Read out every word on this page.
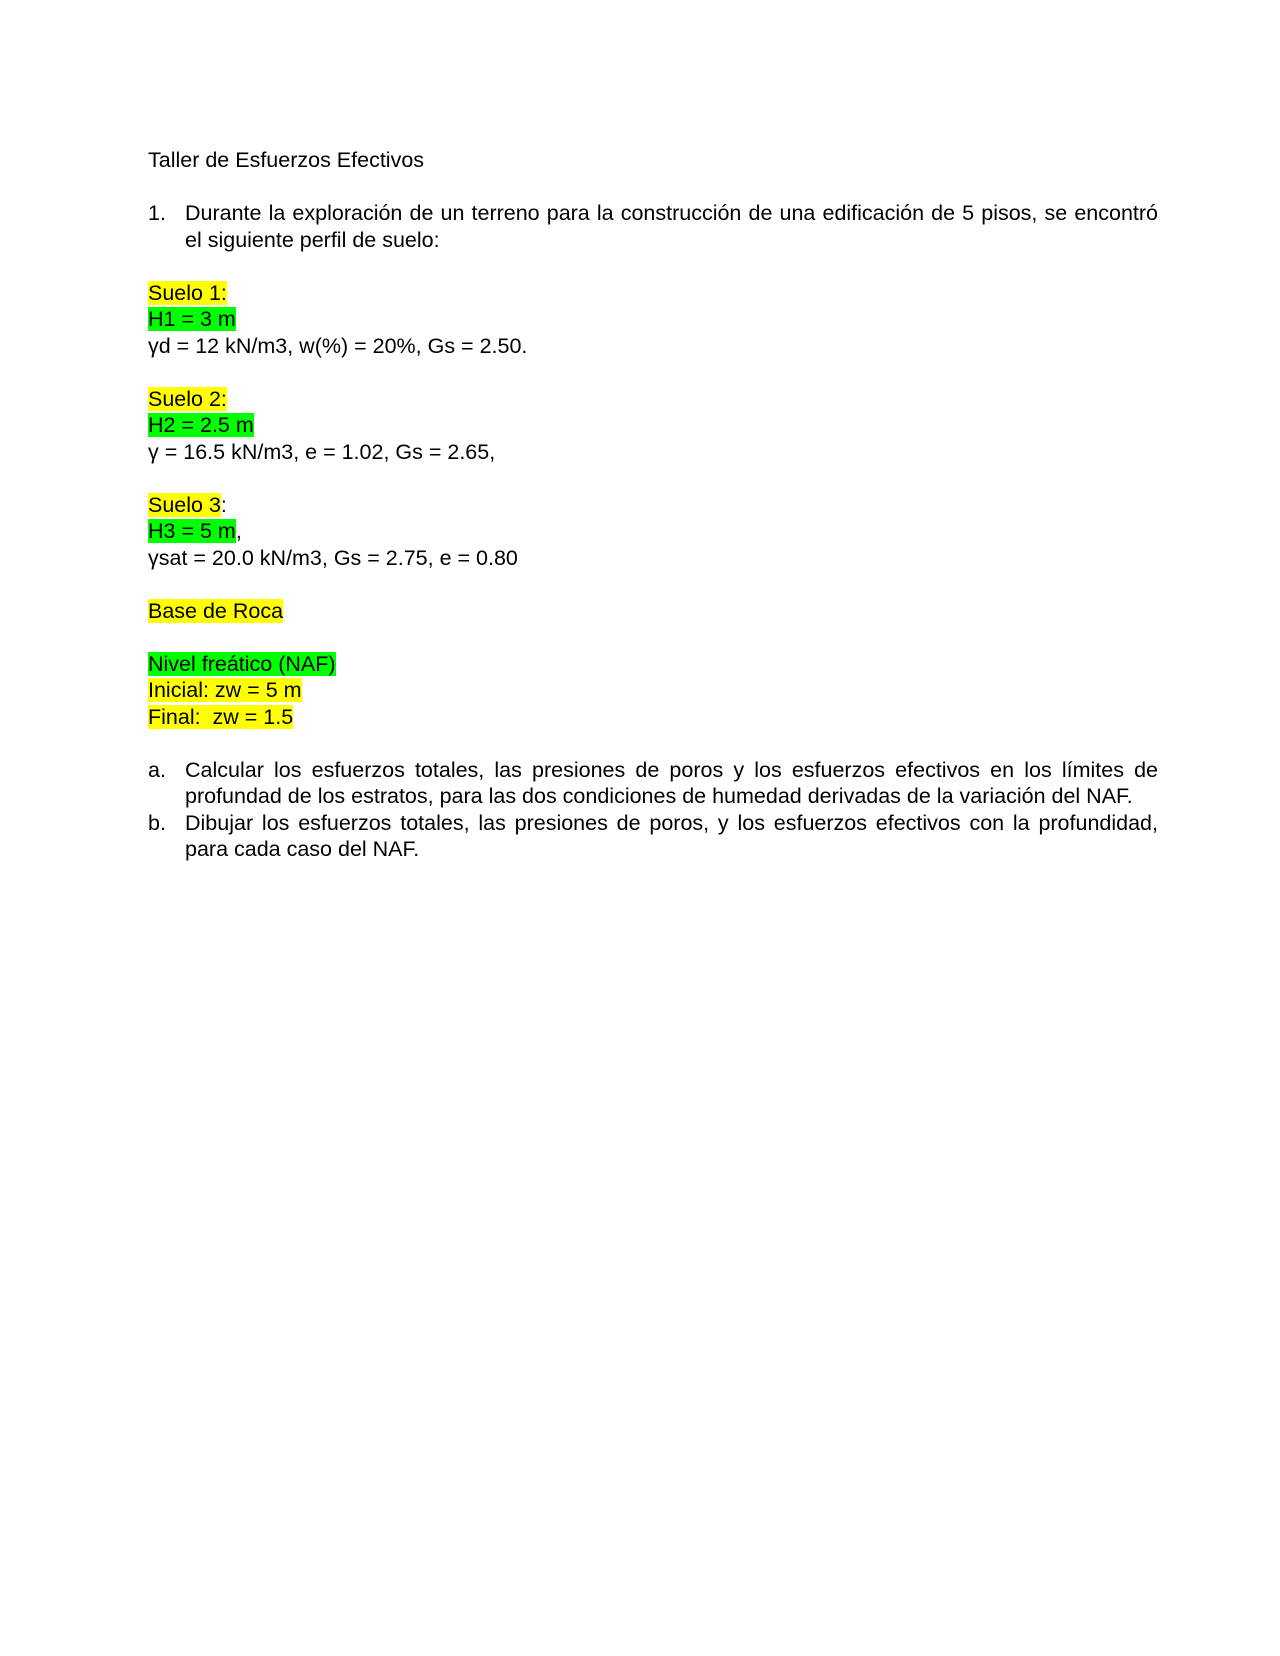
Taller de Esfuerzos Efectivos
1. Durante la exploración de un terreno para la construcción de una edificación de 5 pisos, se encontró el siguiente perfil de suelo:
Suelo 1:
H1 = 3 m
γd = 12 kN/m3, w(%) = 20%, Gs = 2.50.
Suelo 2:
H2 = 2.5 m
γ = 16.5 kN/m3, e = 1.02, Gs = 2.65,
Suelo 3:
H3 = 5 m,
γsat = 20.0 kN/m3, Gs = 2.75, e = 0.80
Base de Roca
Nivel freático (NAF)
Inicial: zw = 5 m
Final:  zw = 1.5
a. Calcular los esfuerzos totales, las presiones de poros y los esfuerzos efectivos en los límites de profundad de los estratos, para las dos condiciones de humedad derivadas de la variación del NAF.
b. Dibujar los esfuerzos totales, las presiones de poros, y los esfuerzos efectivos con la profundidad, para cada caso del NAF.
